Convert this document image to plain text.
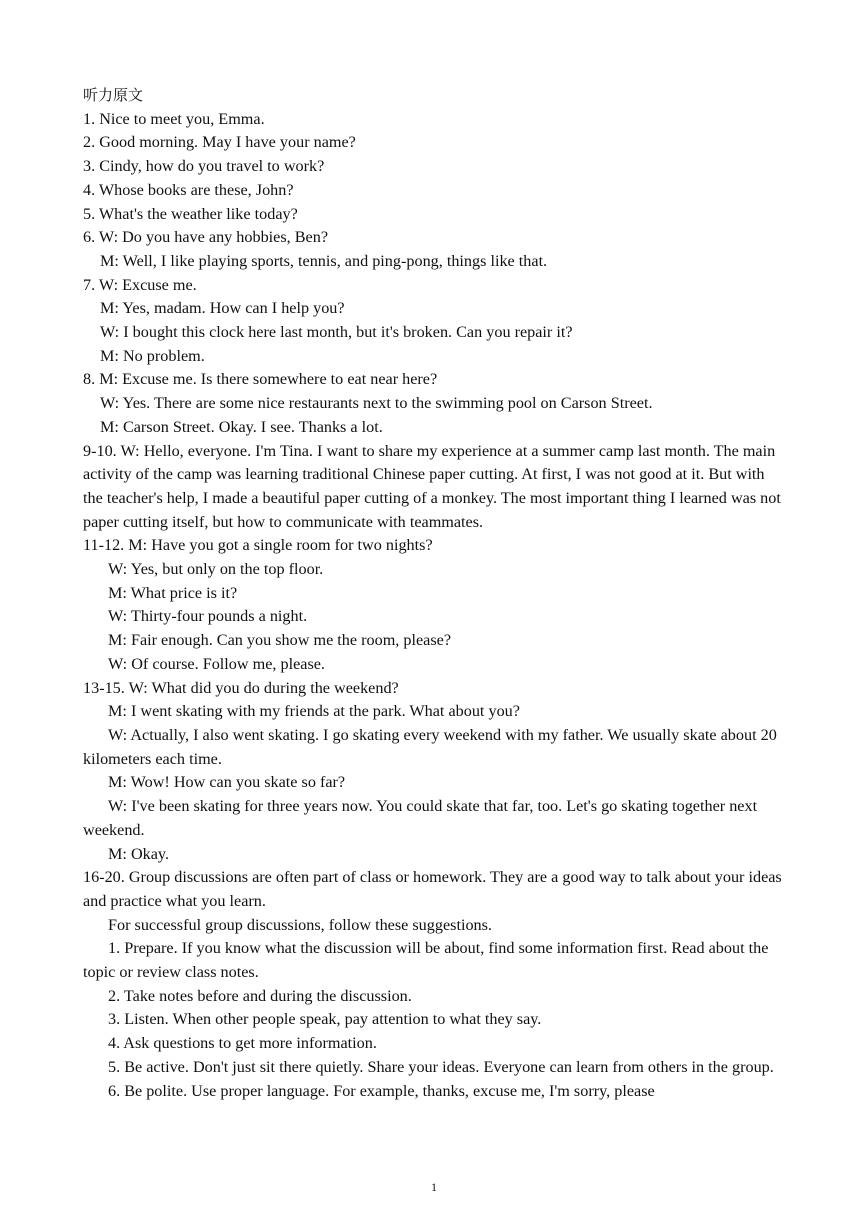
听力原文
1. Nice to meet you, Emma.
2. Good morning. May I have your name?
3. Cindy, how do you travel to work?
4. Whose books are these, John?
5. What's the weather like today?
6. W: Do you have any hobbies, Ben?
M: Well, I like playing sports, tennis, and ping-pong, things like that.
7. W: Excuse me.
M: Yes, madam. How can I help you?
W: I bought this clock here last month, but it's broken. Can you repair it?
M: No problem.
8. M: Excuse me. Is there somewhere to eat near here?
W: Yes. There are some nice restaurants next to the swimming pool on Carson Street.
M: Carson Street. Okay. I see. Thanks a lot.
9-10. W: Hello, everyone. I'm Tina. I want to share my experience at a summer camp last month. The main activity of the camp was learning traditional Chinese paper cutting. At first, I was not good at it. But with the teacher's help, I made a beautiful paper cutting of a monkey. The most important thing I learned was not paper cutting itself, but how to communicate with teammates.
11-12. M: Have you got a single room for two nights?
W: Yes, but only on the top floor.
M: What price is it?
W: Thirty-four pounds a night.
M: Fair enough. Can you show me the room, please?
W: Of course. Follow me, please.
13-15. W: What did you do during the weekend?
M: I went skating with my friends at the park. What about you?
W: Actually, I also went skating. I go skating every weekend with my father. We usually skate about 20 kilometers each time.
M: Wow! How can you skate so far?
W: I've been skating for three years now. You could skate that far, too. Let's go skating together next weekend.
M: Okay.
16-20. Group discussions are often part of class or homework. They are a good way to talk about your ideas and practice what you learn.
For successful group discussions, follow these suggestions.
1. Prepare. If you know what the discussion will be about, find some information first. Read about the topic or review class notes.
2. Take notes before and during the discussion.
3. Listen. When other people speak, pay attention to what they say.
4. Ask questions to get more information.
5. Be active. Don't just sit there quietly. Share your ideas. Everyone can learn from others in the group.
6. Be polite. Use proper language. For example, thanks, excuse me, I'm sorry, please
1
